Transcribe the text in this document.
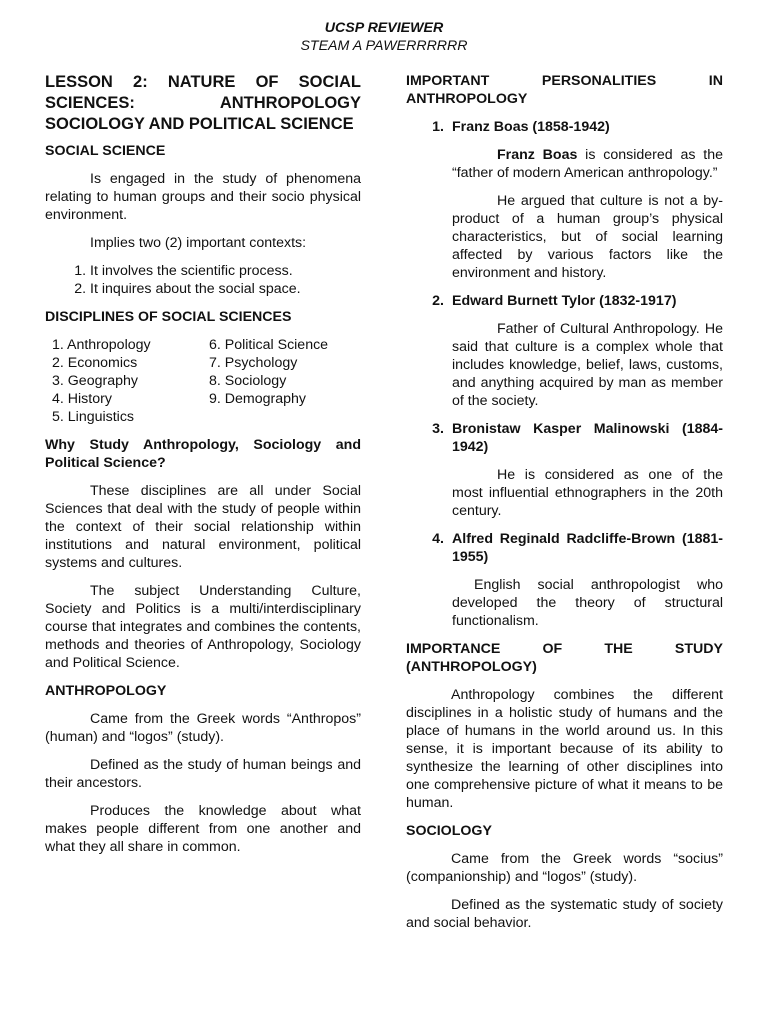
UCSP REVIEWER
STEAM A PAWERRRRRR
LESSON 2: NATURE OF SOCIAL SCIENCES: ANTHROPOLOGY SOCIOLOGY AND POLITICAL SCIENCE
SOCIAL SCIENCE

Is engaged in the study of phenomena relating to human groups and their socio physical environment.

Implies two (2) important contexts:

1. It involves the scientific process.
2. It inquires about the social space.
DISCIPLINES OF SOCIAL SCIENCES
1. Anthropology
2. Economics
3. Geography
4. History
5. Linguistics
6. Political Science
7. Psychology
8. Sociology
9. Demography
Why Study Anthropology, Sociology and Political Science?

These disciplines are all under Social Sciences that deal with the study of people within the context of their social relationship within institutions and natural environment, political systems and cultures.

The subject Understanding Culture, Society and Politics is a multi/interdisciplinary course that integrates and combines the contents, methods and theories of Anthropology, Sociology and Political Science.

ANTHROPOLOGY

Came from the Greek words “Anthropos” (human) and “logos” (study).

Defined as the study of human beings and their ancestors.

Produces the knowledge about what makes people different from one another and what they all share in common.

IMPORTANT PERSONALITIES IN ANTHROPOLOGY
1. Franz Boas (1858-1942)

Franz Boas is considered as the “father of modern American anthropology.”

He argued that culture is not a by-product of a human group’s physical characteristics, but of social learning affected by various factors like the environment and history.

2. Edward Burnett Tylor (1832-1917)

Father of Cultural Anthropology. He said that culture is a complex whole that includes knowledge, belief, laws, customs, and anything acquired by man as member of the society.

3. Bronistaw Kasper Malinowski (1884-1942)

He is considered as one of the most influential ethnographers in the 20th century.

4. Alfred Reginald Radcliffe-Brown (1881-1955)

English social anthropologist who developed the theory of structural functionalism.

IMPORTANCE OF THE STUDY (ANTHROPOLOGY)

Anthropology combines the different disciplines in a holistic study of humans and the place of humans in the world around us. In this sense, it is important because of its ability to synthesize the learning of other disciplines into one comprehensive picture of what it means to be human.

SOCIOLOGY

Came from the Greek words “socius” (companionship) and “logos” (study).

Defined as the systematic study of society and social behavior.
